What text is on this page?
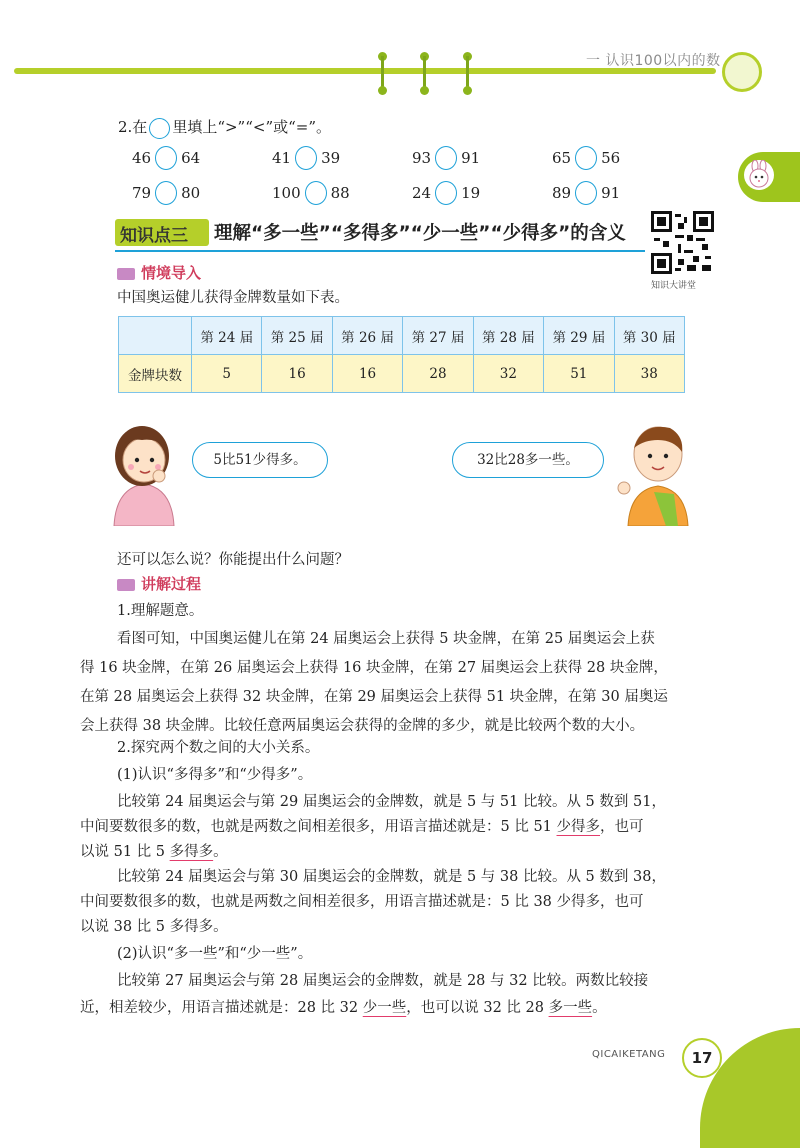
一 认识100以内的数
2.在 里填上“>”“<”或“=”。
46 64	41 39	93 91	65 56
79 80	100 88	24 19	89 91
知识点三 理解“多一些”“多得多”“少一些”“少得多”的含义
知识大讲堂
情境导入
中国奥运健儿获得金牌数量如下表。
	第 24 届	第 25 届	第 26 届	第 27 届	第 28 届	第 29 届	第 30 届
金牌块数	5	16	16	28	32	51	38
5比51少得多。	32比28多一些。
还可以怎么说？你能提出什么问题？
讲解过程
1.理解题意。
看图可知，中国奥运健儿在第 24 届奥运会上获得 5 块金牌，在第 25 届奥运会上获
得 16 块金牌，在第 26 届奥运会上获得 16 块金牌，在第 27 届奥运会上获得 28 块金牌，
在第 28 届奥运会上获得 32 块金牌，在第 29 届奥运会上获得 51 块金牌，在第 30 届奥运
会上获得 38 块金牌。比较任意两届奥运会获得的金牌的多少，就是比较两个数的大小。
2.探究两个数之间的大小关系。
(1)认识“多得多”和“少得多”。
比较第 24 届奥运会与第 29 届奥运会的金牌数，就是 5 与 51 比较。从 5 数到 51，
中间要数很多的数，也就是两数之间相差很多，用语言描述就是：5 比 51 少得多，也可
以说 51 比 5 多得多。
比较第 24 届奥运会与第 30 届奥运会的金牌数，就是 5 与 38 比较。从 5 数到 38，
中间要数很多的数，也就是两数之间相差很多，用语言描述就是：5 比 38 少得多，也可
以说 38 比 5 多得多。
(2)认识“多一些”和“少一些”。
比较第 27 届奥运会与第 28 届奥运会的金牌数，就是 28 与 32 比较。两数比较接
近，相差较少，用语言描述就是：28 比 32 少一些，也可以说 32 比 28 多一些。
QICAIKETANG	17
